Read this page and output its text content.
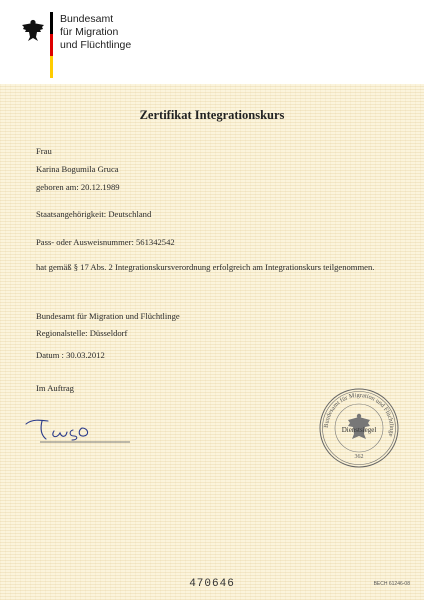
Bundesamt
für Migration
und Flüchtlinge
Zertifikat Integrationskurs
Frau
Karina Bogumila Gruca
geboren am: 20.12.1989
Staatsangehörigkeit: Deutschland
Pass- oder Ausweisnummer: 561342542
hat gemäß § 17 Abs. 2 Integrationskursverordnung erfolgreich am Integrationskurs teilgenommen.
Bundesamt für Migration und Flüchtlinge
Regionalstelle: Düsseldorf
Datum : 30.03.2012
Im Auftrag
Bundesamt für Migration und Flüchtlinge
Dienstsiegel
362
470646	BECH 61246-08
